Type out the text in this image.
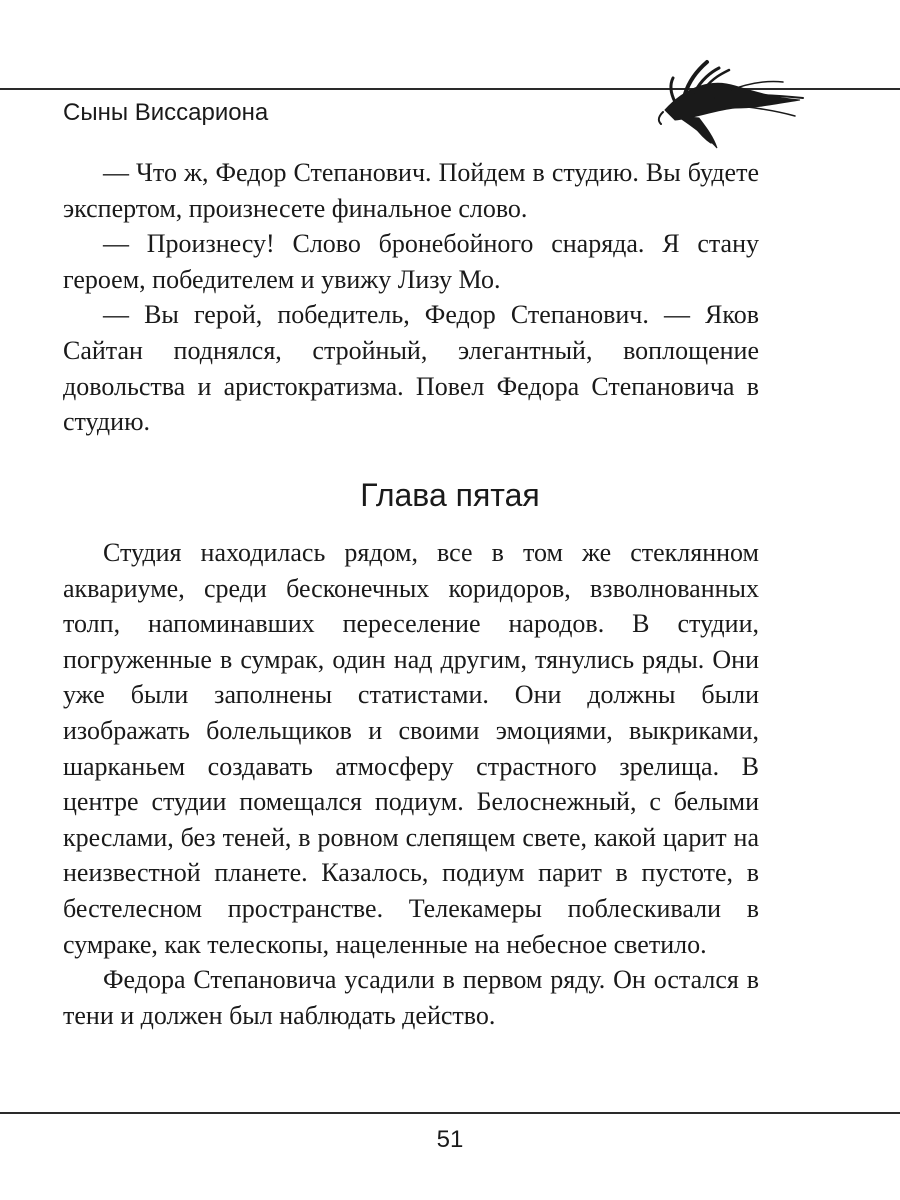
Сыны Виссариона

— Что ж, Федор Степанович. Пойдем в студию. Вы будете экспертом, произнесете финальное слово.

— Произнесу! Слово бронебойного снаряда. Я стану героем, победителем и увижу Лизу Мо.

— Вы герой, победитель, Федор Степанович. — Яков Сайтан поднялся, стройный, элегантный, воплощение довольства и аристократизма. Повел Федора Степановича в студию.

Глава пятая

Студия находилась рядом, все в том же стеклянном аквариуме, среди бесконечных коридоров, взволнованных толп, напоминавших переселение народов. В студии, погруженные в сумрак, один над другим, тянулись ряды. Они уже были заполнены статистами. Они должны были изображать болельщиков и своими эмоциями, выкриками, шарканьем создавать атмосферу страстного зрелища. В центре студии помещался подиум. Белоснежный, с белыми креслами, без теней, в ровном слепящем свете, какой царит на неизвестной планете. Казалось, подиум парит в пустоте, в бестелесном пространстве. Телекамеры поблескивали в сумраке, как телескопы, нацеленные на небесное светило.

Федора Степановича усадили в первом ряду. Он остался в тени и должен был наблюдать действо.

51
